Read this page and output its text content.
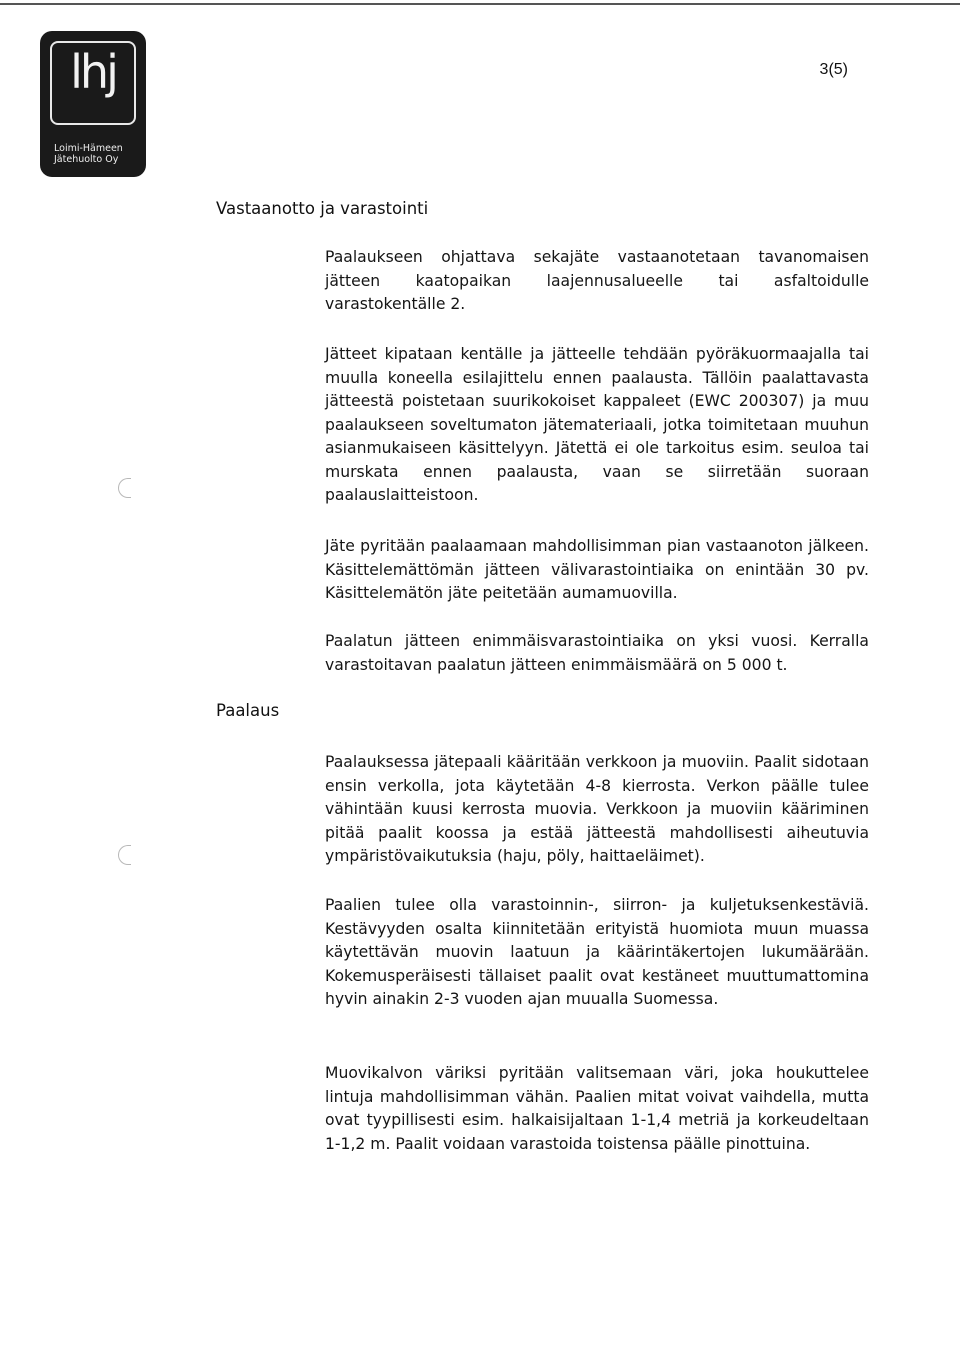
lhj
Loimi-Hämeen
Jätehuolto Oy
3(5)
Vastaanotto ja varastointi

Paalaukseen ohjattava sekajäte vastaanotetaan tavanomaisen jätteen kaatopaikan laajennusalueelle tai asfaltoidulle varastokentälle 2.

Jätteet kipataan kentälle ja jätteelle tehdään pyöräkuormaajalla tai muulla koneella esilajittelu ennen paalausta. Tällöin paalattavasta jätteestä poistetaan suurikokoiset kappaleet (EWC 200307) ja muu paalaukseen soveltumaton jätemateriaali, jotka toimitetaan muuhun asianmukaiseen käsittelyyn. Jätettä ei ole tarkoitus esim. seuloa tai murskata ennen paalausta, vaan se siirretään suoraan paalauslaitteistoon.

Jäte pyritään paalaamaan mahdollisimman pian vastaanoton jälkeen. Käsittelemättömän jätteen välivarastointiaika on enintään 30 pv. Käsittelemätön jäte peitetään aumamuovilla.

Paalatun jätteen enimmäisvarastointiaika on yksi vuosi. Kerralla varastoitavan paalatun jätteen enimmäismäärä on 5 000 t.

Paalaus

Paalauksessa jätepaali kääritään verkkoon ja muoviin. Paalit sidotaan ensin verkolla, jota käytetään 4-8 kierrosta. Verkon päälle tulee vähintään kuusi kerrosta muovia. Verkkoon ja muoviin kääriminen pitää paalit koossa ja estää jätteestä mahdollisesti aiheutuvia ympäristövaikutuksia (haju, pöly, haittaeläimet).

Paalien tulee olla varastoinnin-, siirron- ja kuljetuksenkestäviä. Kestävyyden osalta kiinnitetään erityistä huomiota muun muassa käytettävän muovin laatuun ja käärintäkertojen lukumäärään. Kokemusperäisesti tällaiset paalit ovat kestäneet muuttumattomina hyvin ainakin 2-3 vuoden ajan muualla Suomessa.

Muovikalvon väriksi pyritään valitsemaan väri, joka houkuttelee lintuja mahdollisimman vähän. Paalien mitat voivat vaihdella, mutta ovat tyypillisesti esim. halkaisijaltaan 1-1,4 metriä ja korkeudeltaan 1-1,2 m. Paalit voidaan varastoida toistensa päälle pinottuina.
